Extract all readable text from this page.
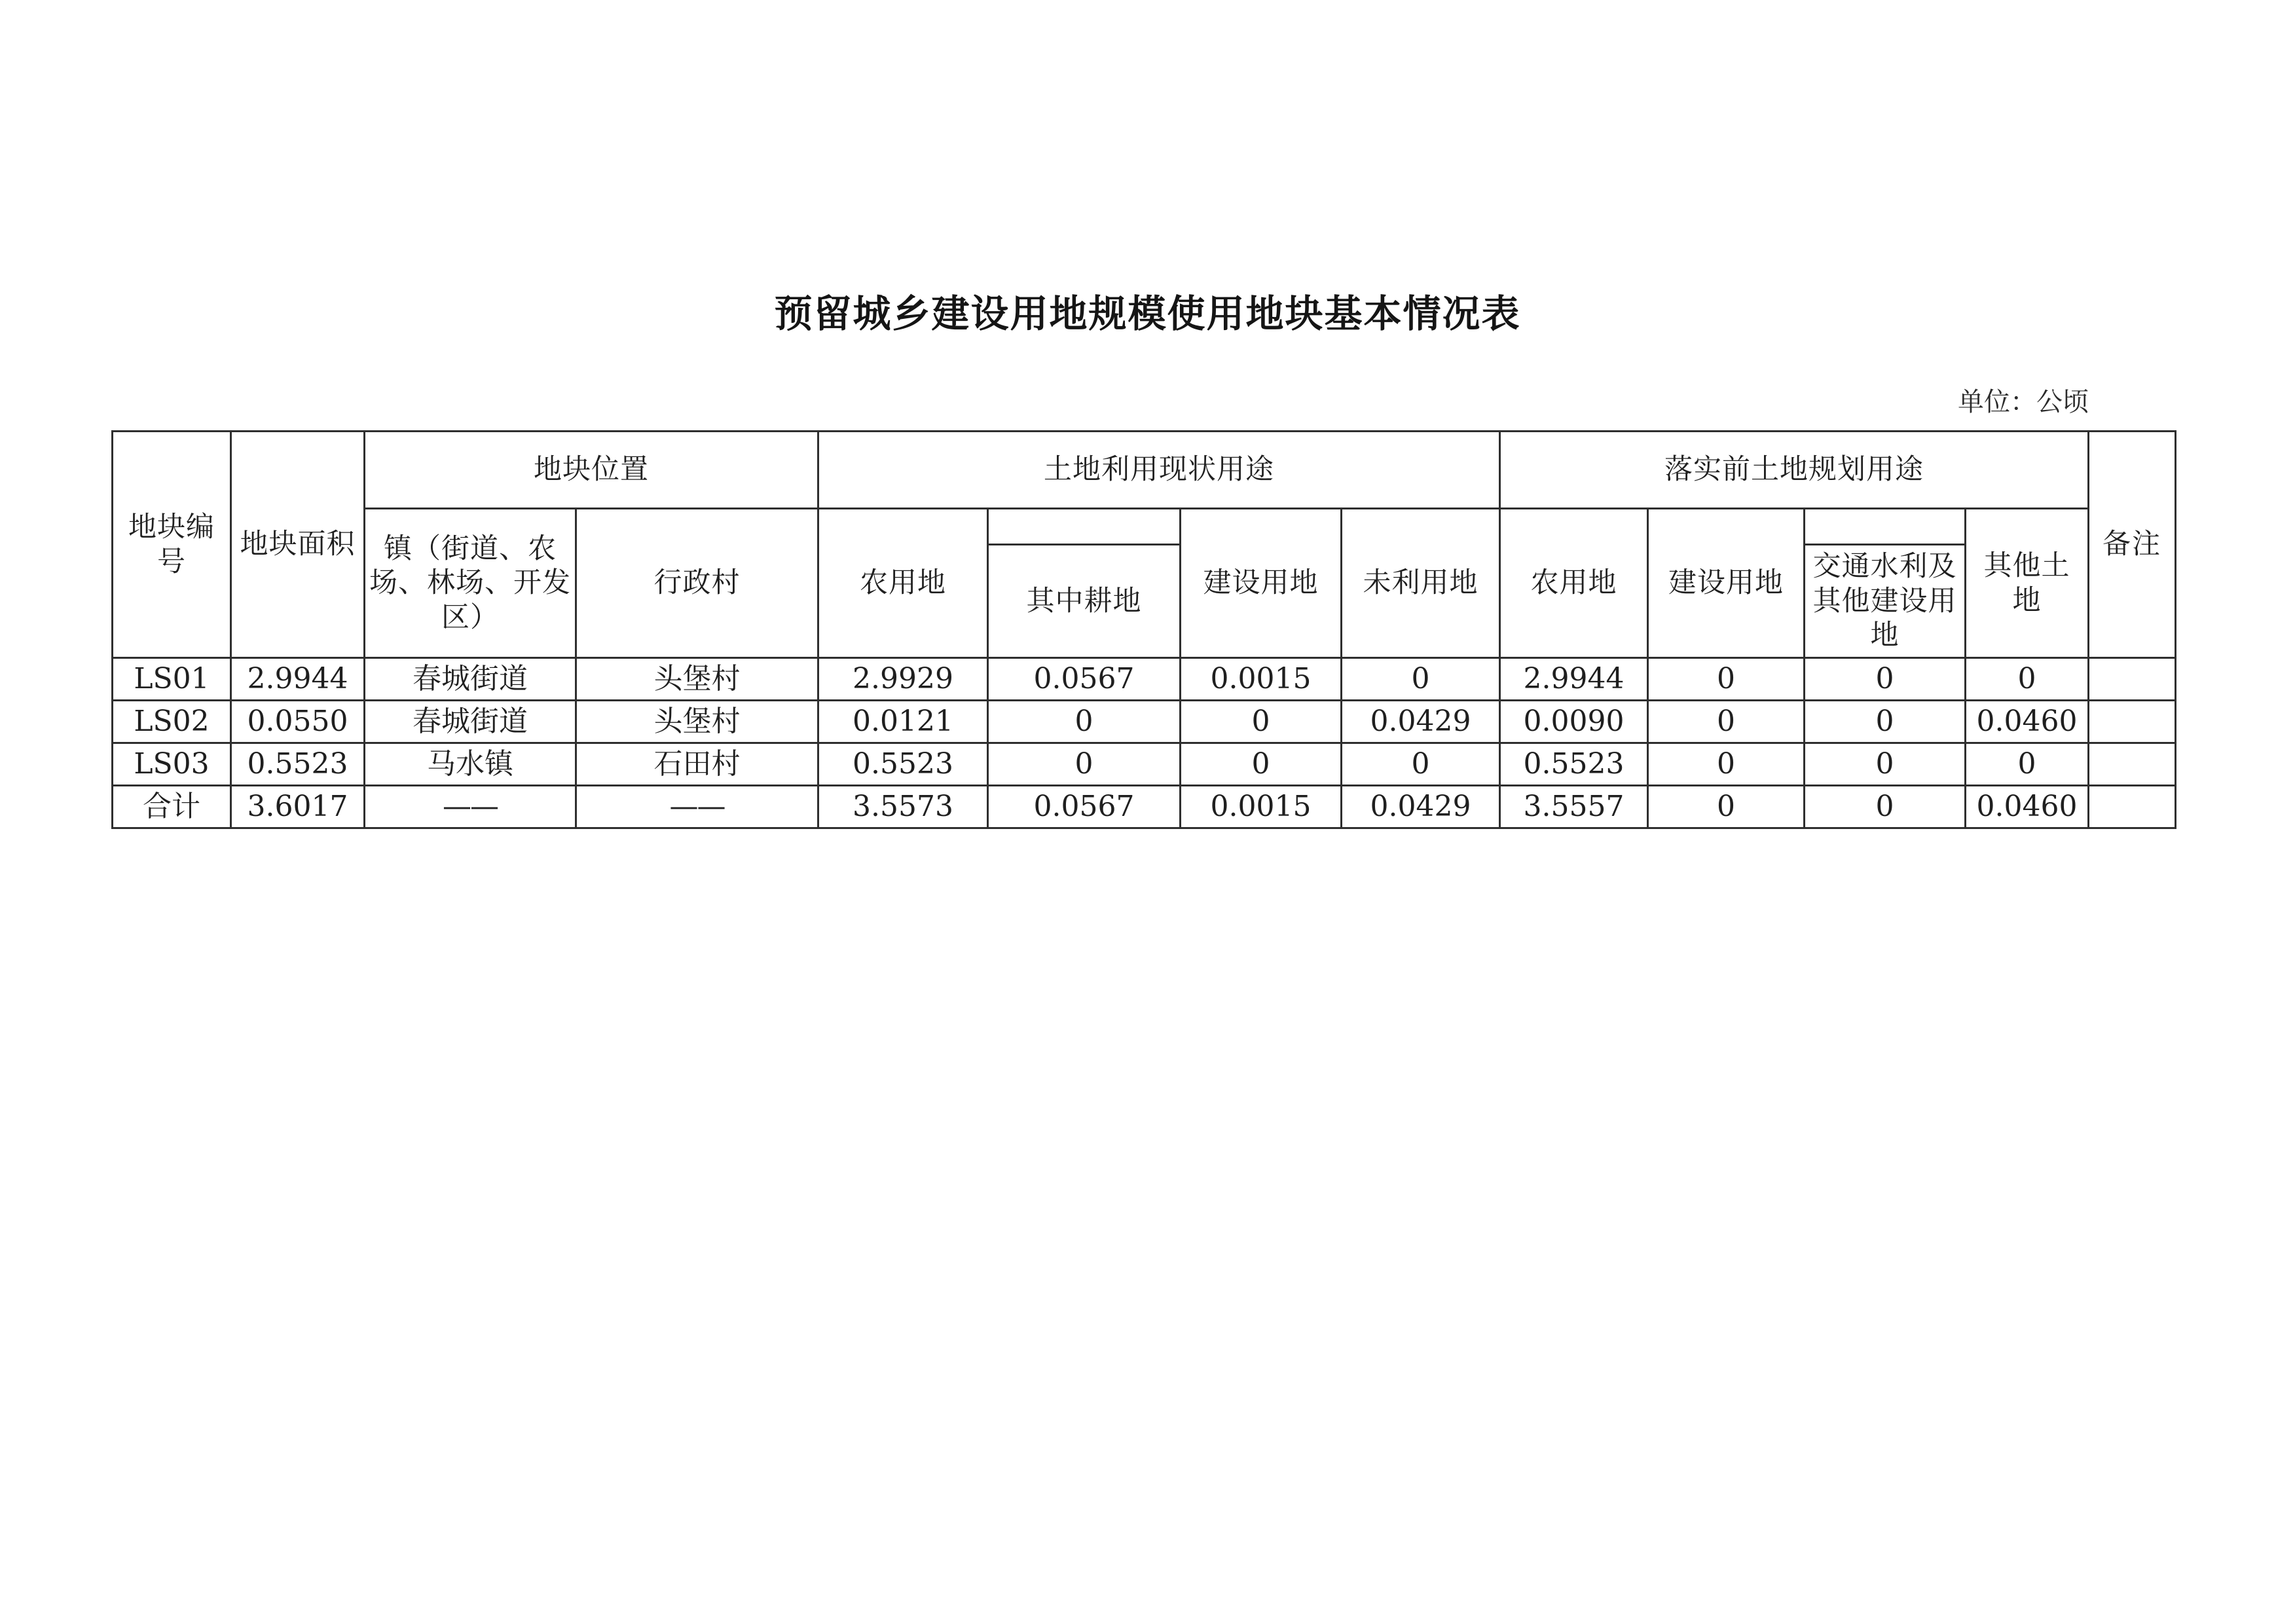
预留城乡建设用地规模使用地块基本情况表
单位：公顷
地块编号	地块面积	地块位置		土地利用现状用途				落实前土地规划用途				备注
		镇（街道、农场、林场、开发区）	行政村	农用地		建设用地	未利用地	农用地	建设用地		其他土地	
					其中耕地					交通水利及其他建设用地		
LS01	2.9944	春城街道	头堡村	2.9929	0.0567	0.0015	0	2.9944	0	0	0	
LS02	0.0550	春城街道	头堡村	0.0121	0	0	0.0429	0.0090	0	0	0.0460	
LS03	0.5523	马水镇	石田村	0.5523	0	0	0	0.5523	0	0	0	
合计	3.6017	——	——	3.5573	0.0567	0.0015	0.0429	3.5557	0	0	0.0460	
